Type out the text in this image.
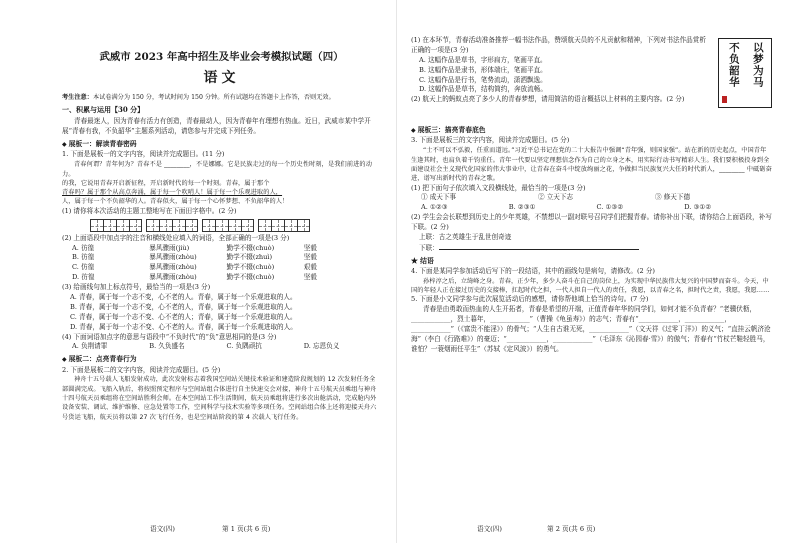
武威市 2023 年高中招生及毕业会考模拟试题（四）
语文
考生注意：本试卷满分为 150 分，考试时间为 150 分钟。所有试题均在答题卡上作答，否则无效。
一、积累与运用【30 分】

青春最迷人，因为青春有活力有创造，青春最动人，因为青春年有理想有热血。近日，武威市某中学开展“青春有我，不负韶华”主题系列活动，请您参与并完成下列任务。

◆ 展板一：解读青春密码

1. 下面是展板一的文字内容，阅读并完成题目。(11 分)

青春何谓？青年何为？青春不是 ________，不是娜娜。它是民族走过的每一个历史性时刻，是我们前进的动力。

的我，它说用青春开启新征程，开启新时代的每一个时刻。青春，属于那个

青春吗？属于那个从高点奔涌，属于每一个吹哨人！属于每一个乐观进取的人，

人，属于每一个不负韶华的人。青春似火，属于每一个心怀梦想、不负韶华的人！

(1) 请你将本次活动的主题工整地写在下面田字格中。(2 分)

(2) 上面语段中加点字的注音和横线处应填入的词语，全部正确的一项是(3 分)

A. 彷徨	暴风骤雨(jiù)	勤学不辍(chuò)	坚毅
B. 彷徨	暴风骤雨(zhòu)	勤学不辍(zhuì)	坚毅
C. 仿徨	暴风骤雨(zhòu)	勤学不辍(chuò)	艰毅
D. 彷徨	暴风骤雨(zhòu)	勤学不辍(chuò)	坚毅

(3) 给画线句加上标点符号，最恰当的一项是(3 分)

A. 青春，属于每一个志不变，心不老的人。青春，属于每一个乐观进取的人。

B. 青春，属于每一个志不变，心不老的人，青春，属于每一个乐观进取的人。

C. 青春，属于每一个志不变、心不老的人；青春，属于每一个乐观进取的人。

D. 青春，属于每一个志不变、心不老的人。青春，属于每一个乐观进取的人。

(4) 下面词语加点字的意思与语段中“不负时代”的“负”意思相同的是(3 分)

A. 负荆请罪	B. 久负盛名	C. 负隅顽抗	D. 忘恩负义
◆ 展板二：点亮青春行为

2. 下面是展板二的文字内容，阅读并完成题目。(5 分)

神舟十五号载人飞船发射成功，此次发射标志着我国空间站关键技术验证和建造阶段规划的 12 次发射任务全部圆满完成。飞船入轨后，将按照预定程序与空间站组合体进行自主快速交会对接，神舟十五号航天员乘组与神舟十四号航天员乘组将在空间站胜利会师。在本空间站工作生活期间，航天员乘组将进行多次出舱活动，完成舱内外设备安装、调试、维护维修、应急处置等工作，空间科学与技术实验等多项任务。空间站组合体上还将迎接天舟六号货运飞船，航天员将以第 27 次飞行任务，也是空间站阶段的第 4 次载人飞行任务。

语文(四)	第 1 页(共 6 页)

(1) 在本环节，青春活动准备推荐一幅书法作品，赞颂航天员的不凡贡献和精神，下列对书法作品赏析正确的一项是(3 分)

A. 这幅作品是草书，字形扁方，笔画平直。

B. 这幅作品是隶书，形体端庄，笔画平直。

C. 这幅作品是行书，笔势流动，潇洒飘逸。

D. 这幅作品是草书，结构简约，奔放流畅。

(2) 航天上的蚂蚁点亮了多少人的青春梦想，请用简洁的语言概括以上材料的主要内容。(2 分)

以梦为马
不负韶华
◆ 展板三：描亮青春底色

3. 下面是展板三的文字内容，阅读并完成题目。(5 分)

“士不可以不弘毅，任重而道远。”习近平总书记在党的二十大报告中强调“青年强，则国家强”。站在新的历史起点，中国青年生逢其时，也肩负着千钧重任。青年一代要以坚定理想信念作为自己的立身之本，用实际行动书写精彩人生。我们要积极投身到全面建设社会主义现代化国家的伟大事业中，让青春在奋斗中绽放绚丽之花，争做担当民族复兴大任的时代新人，________ 中砥砺奋进，谱写出新时代的青春之歌。

(1) 把下面句子依次填入文段横线处，最恰当的一项是(3 分)

① 成天下事	② 立天下志	③ 修天下德
A. ①②③	B. ②③①	C. ①③②	D. ③①②

(2) 学生会会长联想到历史上的少年英雄，不禁想以一副对联号召同学们把握青春。请你补出下联，请你结合上面语段，补写下联。(2 分)

上联：古之英雄生于乱世创奇迹

下联：

★ 结语

4. 下面是某同学参加活动后写下的一段结语，其中的画线句是病句，请修改。(2 分)

孙梓淳之后，立绮峰之身。青春，正少年，多少人奋斗在自己的岗位上，为实现中华民族伟大复兴的中国梦而奋斗。今天，中国的年轻人正在接过历史的交接棒，扛起时代之担，一代人担自一代人的责任，我愿，以青春之名，担时代之责，我愿，我愿……

5. 下面是小文同学参与此次展览活动后的感想，请你帮他填上恰当的诗句。(7 分)

青春是由勇敢而热血的人生开拓者，青春是希望的开端，正值青春年华的同学们，如何才能不负青春？“老骥伏枥，____________，烈士暮年，____________”（曹操《龟虽寿》）的志气；青春有“____________，____________，____________”（《富贵不能淫》）的骨气；“人生自古谁无死，____________”（文天祥《过零丁洋》）的义气；“直挂云帆济沧海”（李白《行路难》）的豪迈；“____________，____________”（毛泽东《沁园春·雪》）的傲气；青春有“竹杖芒鞋轻胜马，谁怕？一蓑烟雨任平生”（苏轼《定风波》）的勇气。

语文(四)	第 2 页(共 6 页)
